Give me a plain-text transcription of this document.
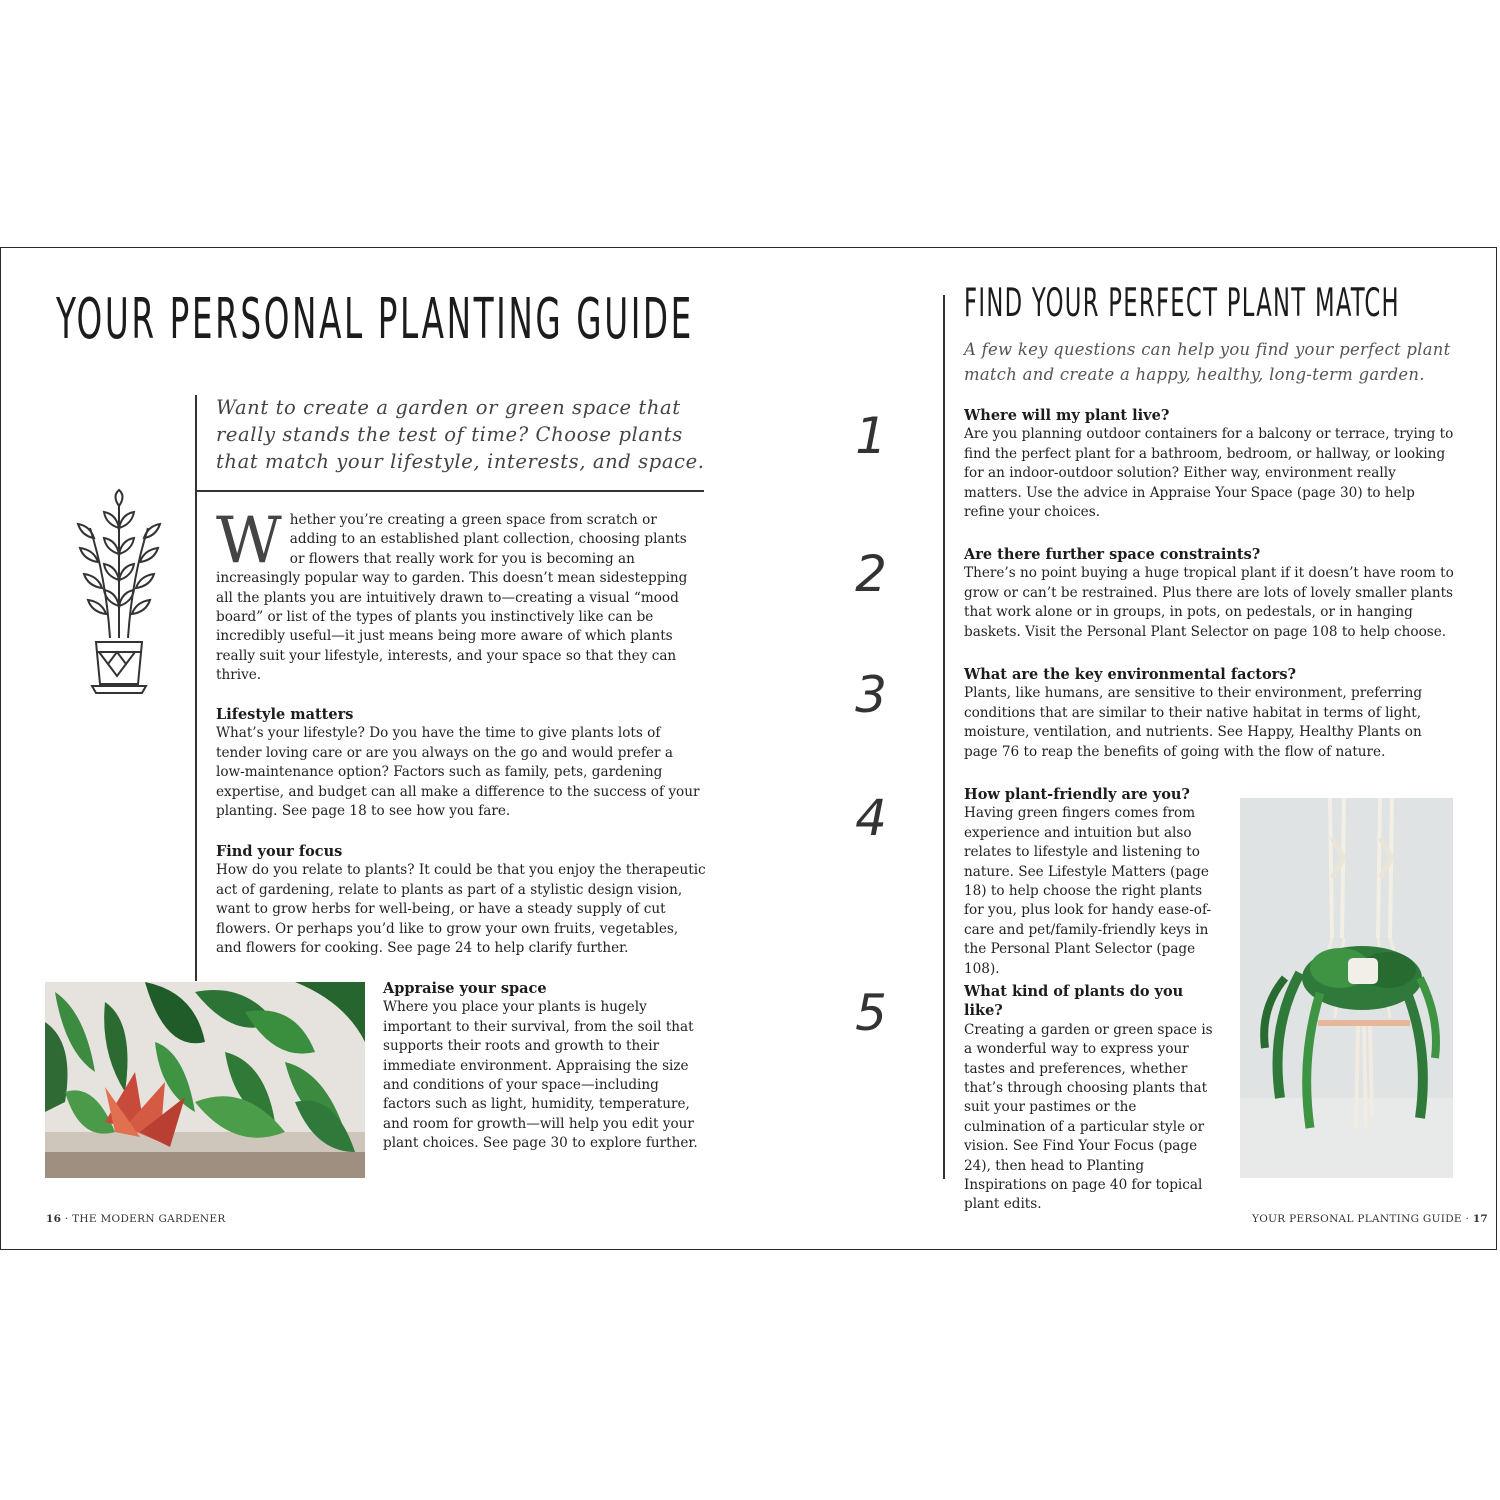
YOUR PERSONAL PLANTING GUIDE

Want to create a garden or green space that really stands the test of time? Choose plants that match your lifestyle, interests, and space.

Whether you’re creating a green space from scratch or adding to an established plant collection, choosing plants or flowers that really work for you is becoming an increasingly popular way to garden. This doesn’t mean sidestepping all the plants you are intuitively drawn to—creating a visual “mood board” or list of the types of plants you instinctively like can be incredibly useful—it just means being more aware of which plants really suit your lifestyle, interests, and your space so that they can thrive.
Lifestyle matters

What’s your lifestyle? Do you have the time to give plants lots of tender loving care or are you always on the go and would prefer a low-maintenance option? Factors such as family, pets, gardening expertise, and budget can all make a difference to the success of your planting. See page 18 to see how you fare.

Find your focus

How do you relate to plants? It could be that you enjoy the therapeutic act of gardening, relate to plants as part of a stylistic design vision, want to grow herbs for well-being, or have a steady supply of cut flowers. Or perhaps you’d like to grow your own fruits, vegetables, and flowers for cooking. See page 24 to help clarify further.

Appraise your space

Where you place your plants is hugely important to their survival, from the soil that supports their roots and growth to their immediate environment. Appraising the size and conditions of your space—including factors such as light, humidity, temperature, and room for growth—will help you edit your plant choices. See page 30 to explore further.

16 · THE MODERN GARDENER
FIND YOUR PERFECT PLANT MATCH

A few key questions can help you find your perfect plant match and create a happy, healthy, long-term garden.

1	Where will my plant live?

Are you planning outdoor containers for a balcony or terrace, trying to find the perfect plant for a bathroom, bedroom, or hallway, or looking for an indoor-outdoor solution? Either way, environment really matters. Use the advice in Appraise Your Space (page 30) to help refine your choices.

2	Are there further space constraints?

There’s no point buying a huge tropical plant if it doesn’t have room to grow or can’t be restrained. Plus there are lots of lovely smaller plants that work alone or in groups, in pots, on pedestals, or in hanging baskets. Visit the Personal Plant Selector on page 108 to help choose.

3	What are the key environmental factors?

Plants, like humans, are sensitive to their environment, preferring conditions that are similar to their native habitat in terms of light, moisture, ventilation, and nutrients. See Happy, Healthy Plants on page 76 to reap the benefits of going with the flow of nature.

4	How plant-friendly are you?

Having green fingers comes from experience and intuition but also relates to lifestyle and listening to nature. See Lifestyle Matters (page 18) to help choose the right plants for you, plus look for handy ease-of-care and pet/family-friendly keys in the Personal Plant Selector (page 108).

5	What kind of plants do you like?

Creating a garden or green space is a wonderful way to express your tastes and preferences, whether that’s through choosing plants that suit your pastimes or the culmination of a particular style or vision. See Find Your Focus (page 24), then head to Planting Inspirations on page 40 for topical plant edits.

YOUR PERSONAL PLANTING GUIDE · 17
